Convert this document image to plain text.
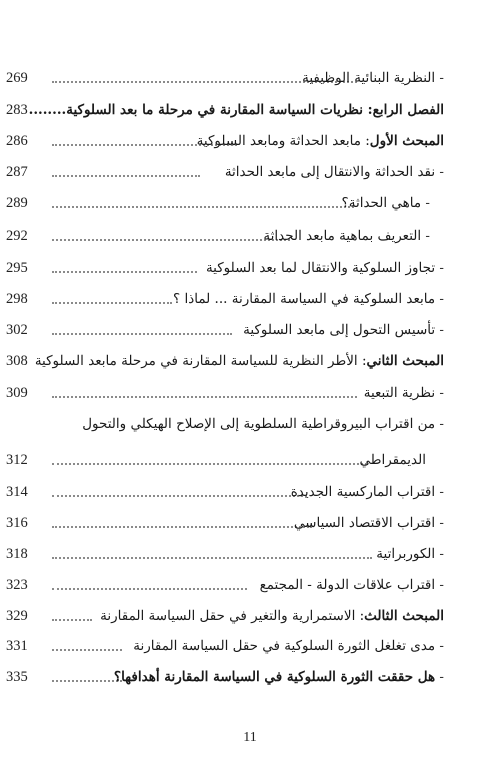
269	- النظرية البنائية الوظيفية
283 الفصل الرابع: نظريات السياسة المقارنة في مرحلة ما بعد السلوكية........
286	المبحث الأول: مابعد الحداثة ومابعد السلوكية
287	- نقد الحداثة والانتقال إلى مابعد الحداثة
289	- ماهي الحداثة؟
292	- التعريف بماهية مابعد الحداثة
295	- تجاوز السلوكية والانتقال لما بعد السلوكية
298	- مابعد السلوكية في السياسة المقارنة ... لماذا ؟
302	- تأسيس التحول إلى مابعد السلوكية
308	المبحث الثاني: الأطر النظرية للسياسة المقارنة في مرحلة مابعد السلوكية
309	- نظرية التبعية
- من اقتراب البيروقراطية السلطوية إلى الإصلاح الهيكلي والتحول
312	الديمقراطي
314	- اقتراب الماركسية الجديدة
316	- اقتراب الاقتصاد السياسي
318	- الكوربراتية
323	- اقتراب علاقات الدولة - المجتمع
329	المبحث الثالث: الاستمرارية والتغير في حقل السياسة المقارنة
331	- مدى تغلغل الثورة السلوكية في حقل السياسة المقارنة
335	- هل حققت الثورة السلوكية في السياسة المقارنة أهدافها؟
11
